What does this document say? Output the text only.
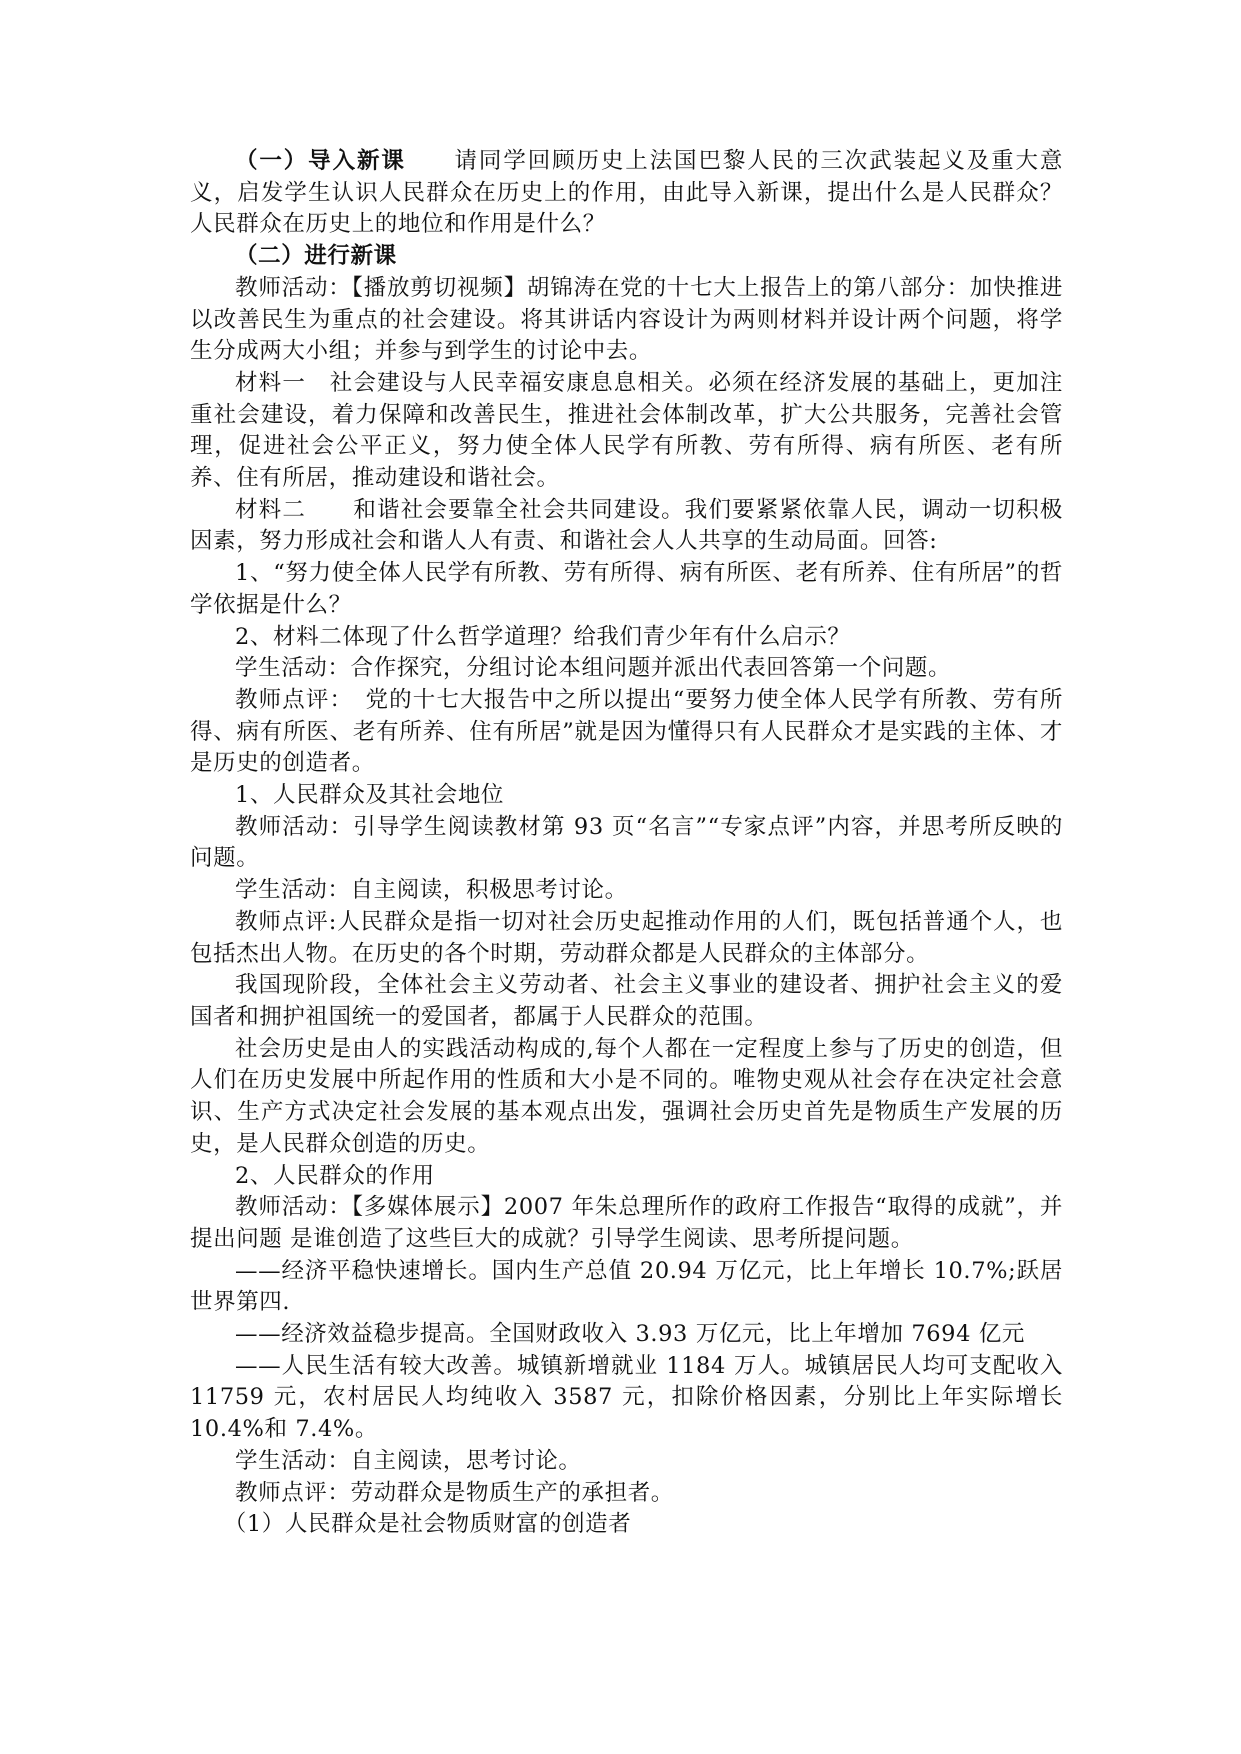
（一）导入新课　　请同学回顾历史上法国巴黎人民的三次武装起义及重大意义，启发学生认识人民群众在历史上的作用，由此导入新课，提出什么是人民群众？人民群众在历史上的地位和作用是什么？

（二）进行新课

教师活动：【播放剪切视频】胡锦涛在党的十七大上报告上的第八部分：加快推进以改善民生为重点的社会建设。将其讲话内容设计为两则材料并设计两个问题，将学生分成两大小组；并参与到学生的讨论中去。

材料一　社会建设与人民幸福安康息息相关。必须在经济发展的基础上，更加注重社会建设，着力保障和改善民生，推进社会体制改革，扩大公共服务，完善社会管理，促进社会公平正义，努力使全体人民学有所教、劳有所得、病有所医、老有所养、住有所居，推动建设和谐社会。

材料二　　和谐社会要靠全社会共同建设。我们要紧紧依靠人民，调动一切积极因素，努力形成社会和谐人人有责、和谐社会人人共享的生动局面。回答:

1、“努力使全体人民学有所教、劳有所得、病有所医、老有所养、住有所居”的哲学依据是什么？

2、材料二体现了什么哲学道理？给我们青少年有什么启示？

学生活动：合作探究，分组讨论本组问题并派出代表回答第一个问题。

教师点评：　党的十七大报告中之所以提出“要努力使全体人民学有所教、劳有所得、病有所医、老有所养、住有所居”就是因为懂得只有人民群众才是实践的主体、才是历史的创造者。

1、人民群众及其社会地位

教师活动：引导学生阅读教材第 93 页“名言”“专家点评”内容，并思考所反映的问题。

学生活动：自主阅读，积极思考讨论。

教师点评:人民群众是指一切对社会历史起推动作用的人们，既包括普通个人，也包括杰出人物。在历史的各个时期，劳动群众都是人民群众的主体部分。

我国现阶段，全体社会主义劳动者、社会主义事业的建设者、拥护社会主义的爱国者和拥护祖国统一的爱国者，都属于人民群众的范围。

社会历史是由人的实践活动构成的,每个人都在一定程度上参与了历史的创造，但人们在历史发展中所起作用的性质和大小是不同的。唯物史观从社会存在决定社会意识、生产方式决定社会发展的基本观点出发，强调社会历史首先是物质生产发展的历史，是人民群众创造的历史。

2、人民群众的作用

教师活动：【多媒体展示】2007 年朱总理所作的政府工作报告“取得的成就”，并提出问题 是谁创造了这些巨大的成就？引导学生阅读、思考所提问题。

——经济平稳快速增长。国内生产总值 20.94 万亿元，比上年增长 10.7%;跃居世界第四.

——经济效益稳步提高。全国财政收入 3.93 万亿元，比上年增加 7694 亿元

——人民生活有较大改善。城镇新增就业 1184 万人。城镇居民人均可支配收入 11759 元，农村居民人均纯收入 3587 元，扣除价格因素，分别比上年实际增长 10.4%和 7.4%。

学生活动：自主阅读，思考讨论。

教师点评：劳动群众是物质生产的承担者。

（1）人民群众是社会物质财富的创造者
